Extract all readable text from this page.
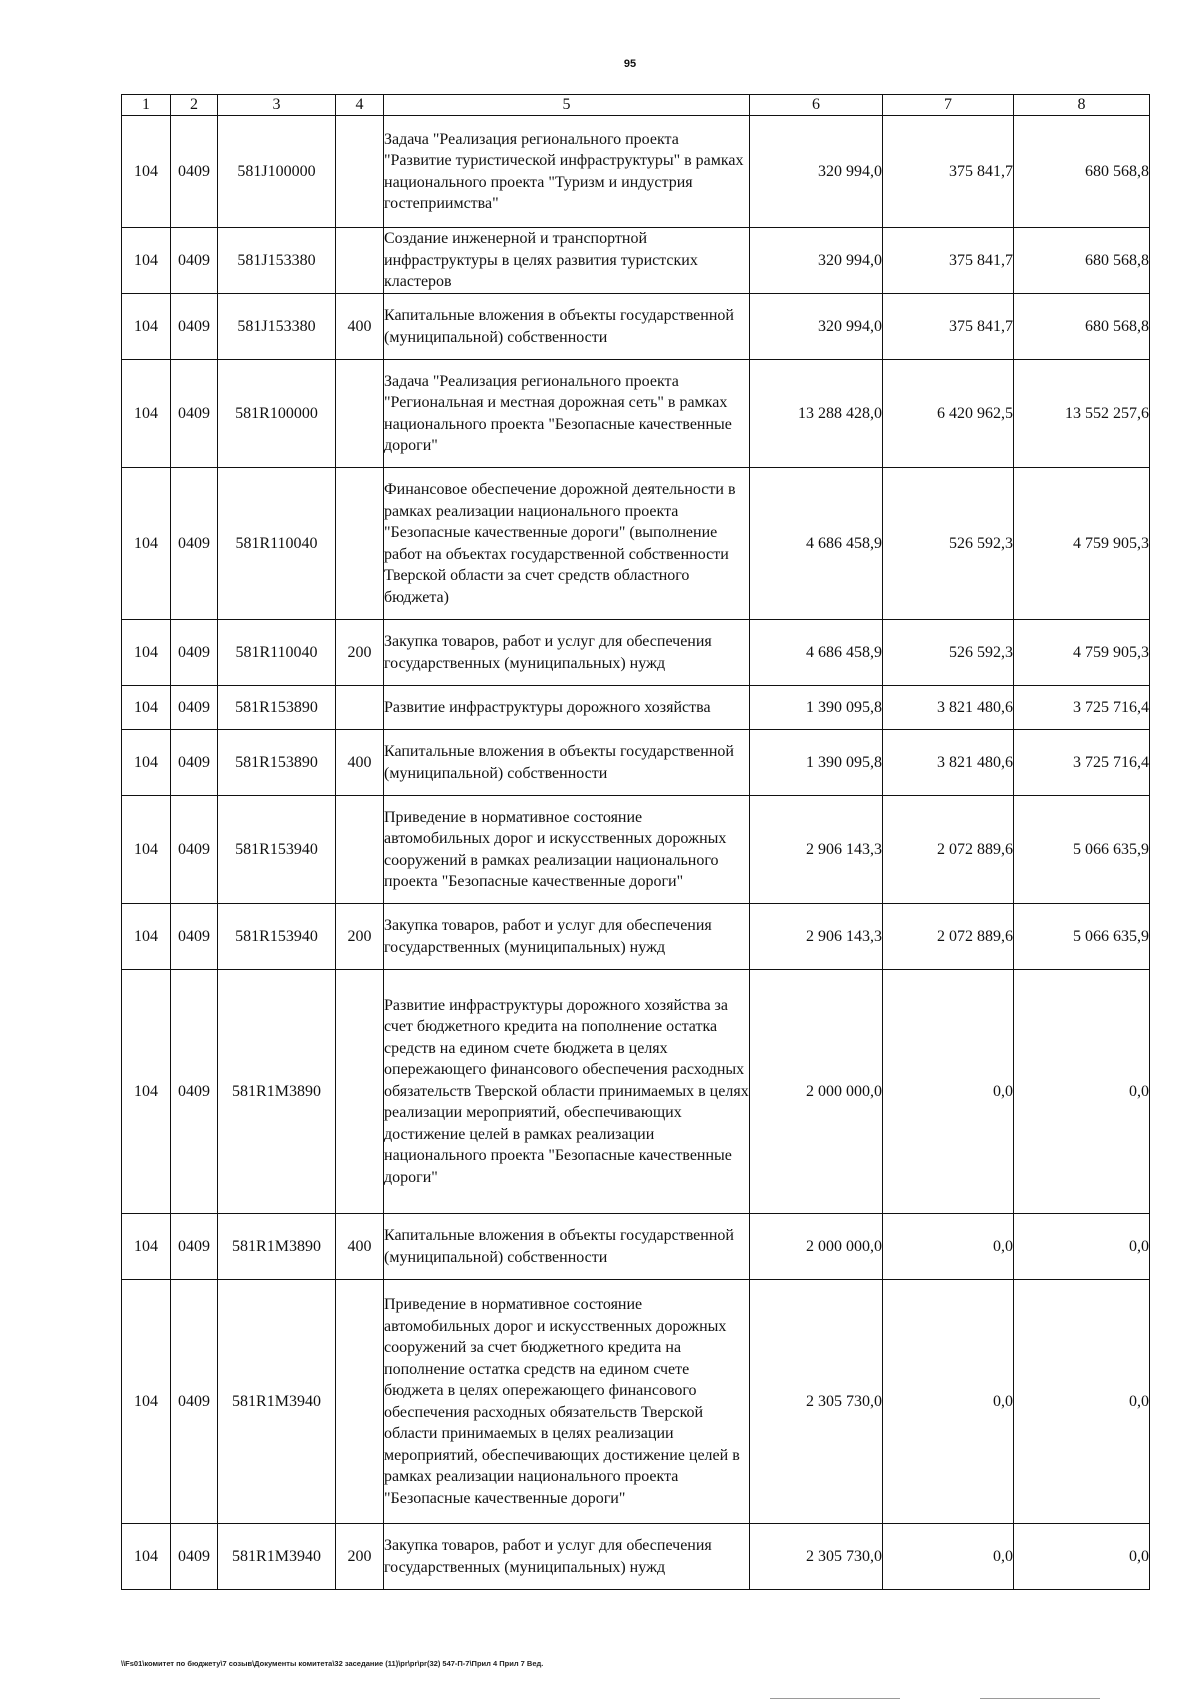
95
1	2	3	4	5	6	7	8
104	0409	581J100000		Задача "Реализация регионального проекта "Развитие туристической инфраструктуры" в рамках национального проекта "Туризм и индустрия гостеприимства"	320 994,0	375 841,7	680 568,8
104	0409	581J153380		Создание инженерной и транспортной инфраструктуры в целях развития туристских кластеров	320 994,0	375 841,7	680 568,8
104	0409	581J153380	400	Капитальные вложения в объекты государственной (муниципальной) собственности	320 994,0	375 841,7	680 568,8
104	0409	581R100000		Задача "Реализация регионального проекта "Региональная и местная дорожная сеть" в рамках национального проекта "Безопасные качественные дороги"	13 288 428,0	6 420 962,5	13 552 257,6
104	0409	581R110040		Финансовое обеспечение дорожной деятельности в рамках реализации национального проекта "Безопасные качественные дороги" (выполнение работ на объектах государственной собственности Тверской области за счет средств областного бюджета)	4 686 458,9	526 592,3	4 759 905,3
104	0409	581R110040	200	Закупка товаров, работ и услуг для обеспечения государственных (муниципальных) нужд	4 686 458,9	526 592,3	4 759 905,3
104	0409	581R153890		Развитие инфраструктуры дорожного хозяйства	1 390 095,8	3 821 480,6	3 725 716,4
104	0409	581R153890	400	Капитальные вложения в объекты государственной (муниципальной) собственности	1 390 095,8	3 821 480,6	3 725 716,4
104	0409	581R153940		Приведение в нормативное состояние автомобильных дорог и искусственных дорожных сооружений в рамках реализации национального проекта "Безопасные качественные дороги"	2 906 143,3	2 072 889,6	5 066 635,9
104	0409	581R153940	200	Закупка товаров, работ и услуг для обеспечения государственных (муниципальных) нужд	2 906 143,3	2 072 889,6	5 066 635,9
104	0409	581R1M3890		Развитие инфраструктуры дорожного хозяйства за счет бюджетного кредита на пополнение остатка средств на едином счете бюджета в целях опережающего финансового обеспечения расходных обязательств Тверской области принимаемых в целях реализации мероприятий, обеспечивающих достижение целей в рамках реализации национального проекта "Безопасные качественные дороги"	2 000 000,0	0,0	0,0
104	0409	581R1M3890	400	Капитальные вложения в объекты государственной (муниципальной) собственности	2 000 000,0	0,0	0,0
104	0409	581R1M3940		Приведение в нормативное состояние автомобильных дорог и искусственных дорожных сооружений за счет бюджетного кредита на пополнение остатка средств на едином счете бюджета в целях опережающего финансового обеспечения расходных обязательств Тверской области принимаемых в целях реализации мероприятий, обеспечивающих достижение целей в рамках реализации национального проекта "Безопасные качественные дороги"	2 305 730,0	0,0	0,0
104	0409	581R1M3940	200	Закупка товаров, работ и услуг для обеспечения государственных (муниципальных) нужд	2 305 730,0	0,0	0,0
\\Fs01\комитет по бюджету\7 созыв\Документы комитета\32 заседание (11)\pr\pr\pr(32) 547-П-7\Прил 4 Прил 7 Вед.
